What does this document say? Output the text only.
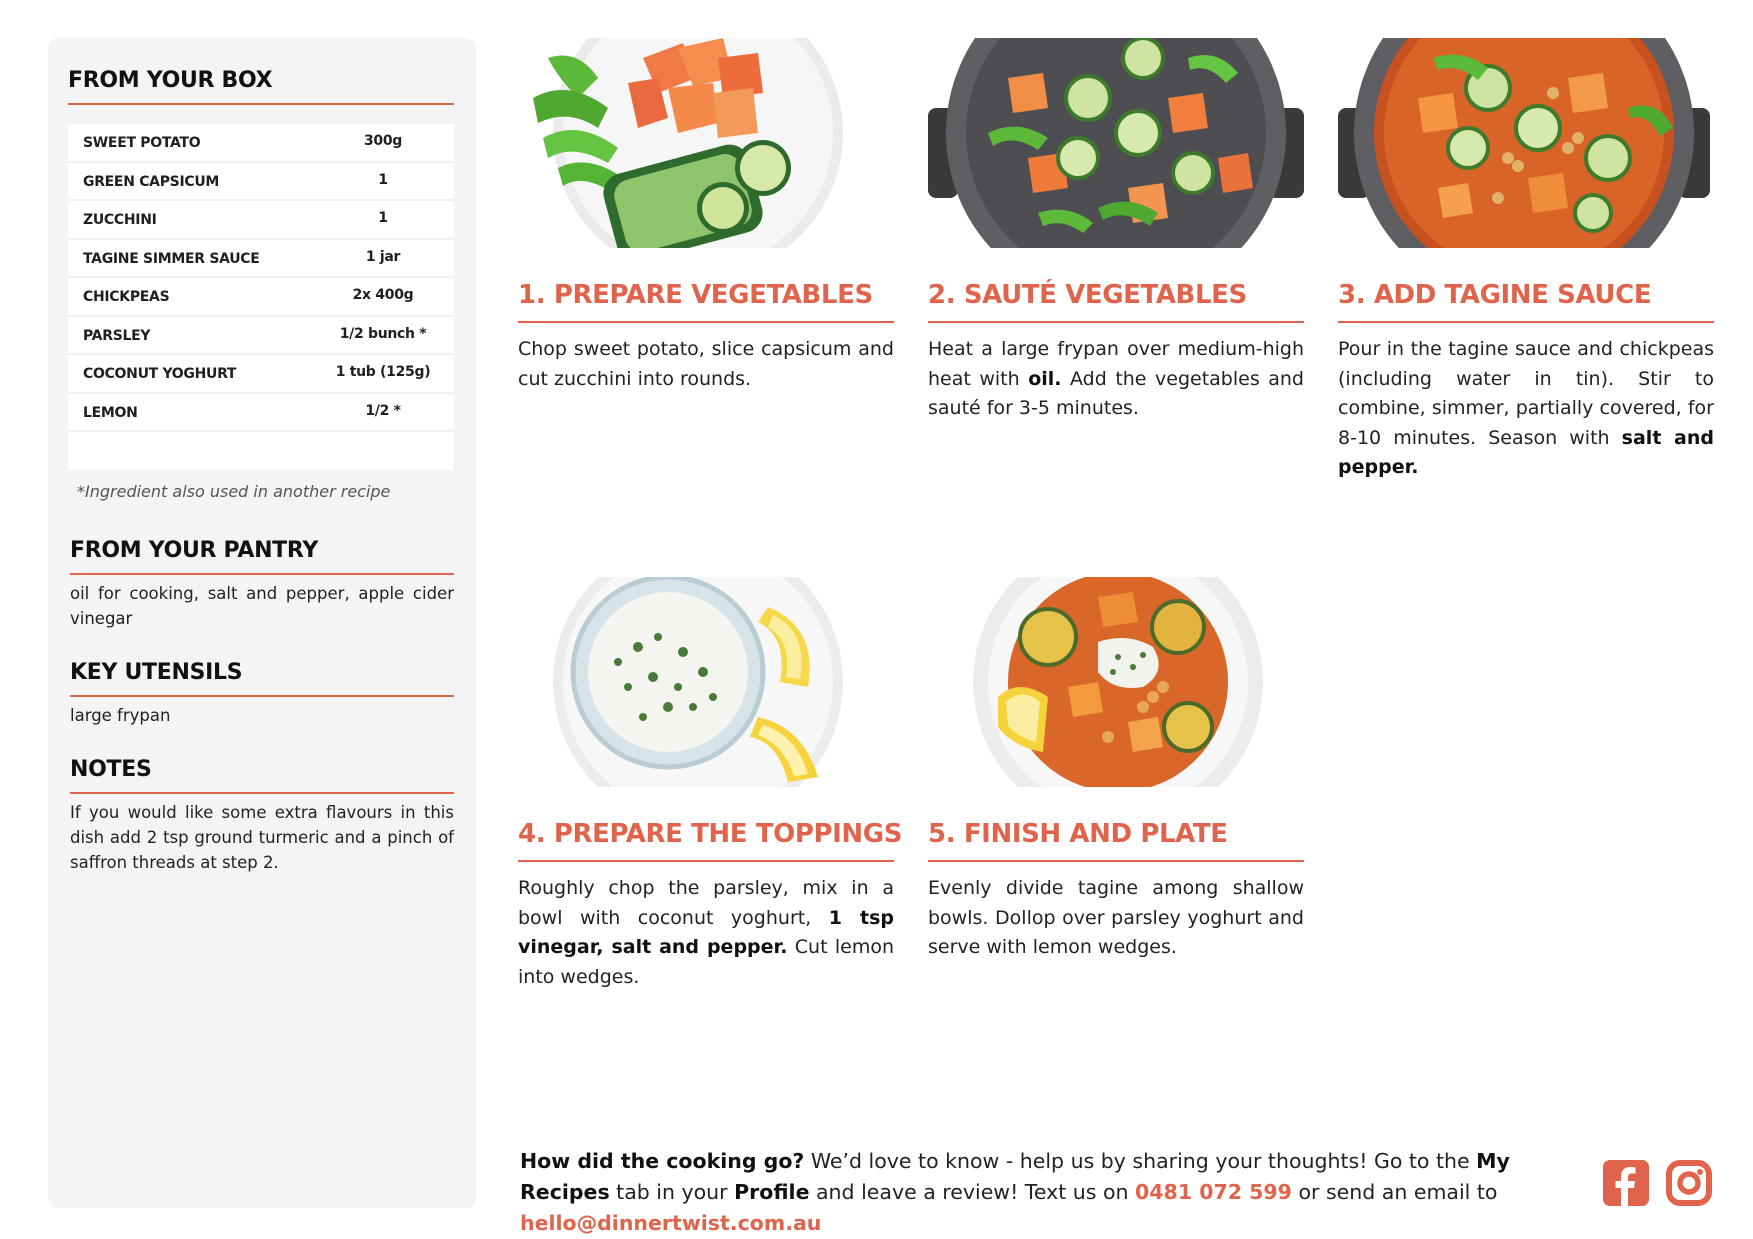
FROM YOUR BOX
SWEET POTATO	300g
GREEN CAPSICUM	1
ZUCCHINI	1
TAGINE SIMMER SAUCE	1 jar
CHICKPEAS	2x 400g
PARSLEY	1/2 bunch *
COCONUT YOGHURT	1 tub (125g)
LEMON	1/2 *
*Ingredient also used in another recipe
FROM YOUR PANTRY
oil for cooking, salt and pepper, apple cider vinegar
KEY UTENSILS
large frypan
NOTES
If you would like some extra flavours in this dish add 2 tsp ground turmeric and a pinch of saffron threads at step 2.
1. PREPARE VEGETABLES
Chop sweet potato, slice capsicum and cut zucchini into rounds.
2. SAUTÉ VEGETABLES
Heat a large frypan over medium-high heat with oil. Add the vegetables and sauté for 3-5 minutes.
3. ADD TAGINE SAUCE
Pour in the tagine sauce and chickpeas (including water in tin). Stir to combine, simmer, partially covered, for 8-10 minutes. Season with salt and pepper.
4. PREPARE THE TOPPINGS
Roughly chop the parsley, mix in a bowl with coconut yoghurt, 1 tsp vinegar, salt and pepper. Cut lemon into wedges.
5. FINISH AND PLATE
Evenly divide tagine among shallow bowls. Dollop over parsley yoghurt and serve with lemon wedges.
How did the cooking go? We’d love to know - help us by sharing your thoughts! Go to the My Recipes tab in your Profile and leave a review! Text us on 0481 072 599 or send an email to hello@dinnertwist.com.au
